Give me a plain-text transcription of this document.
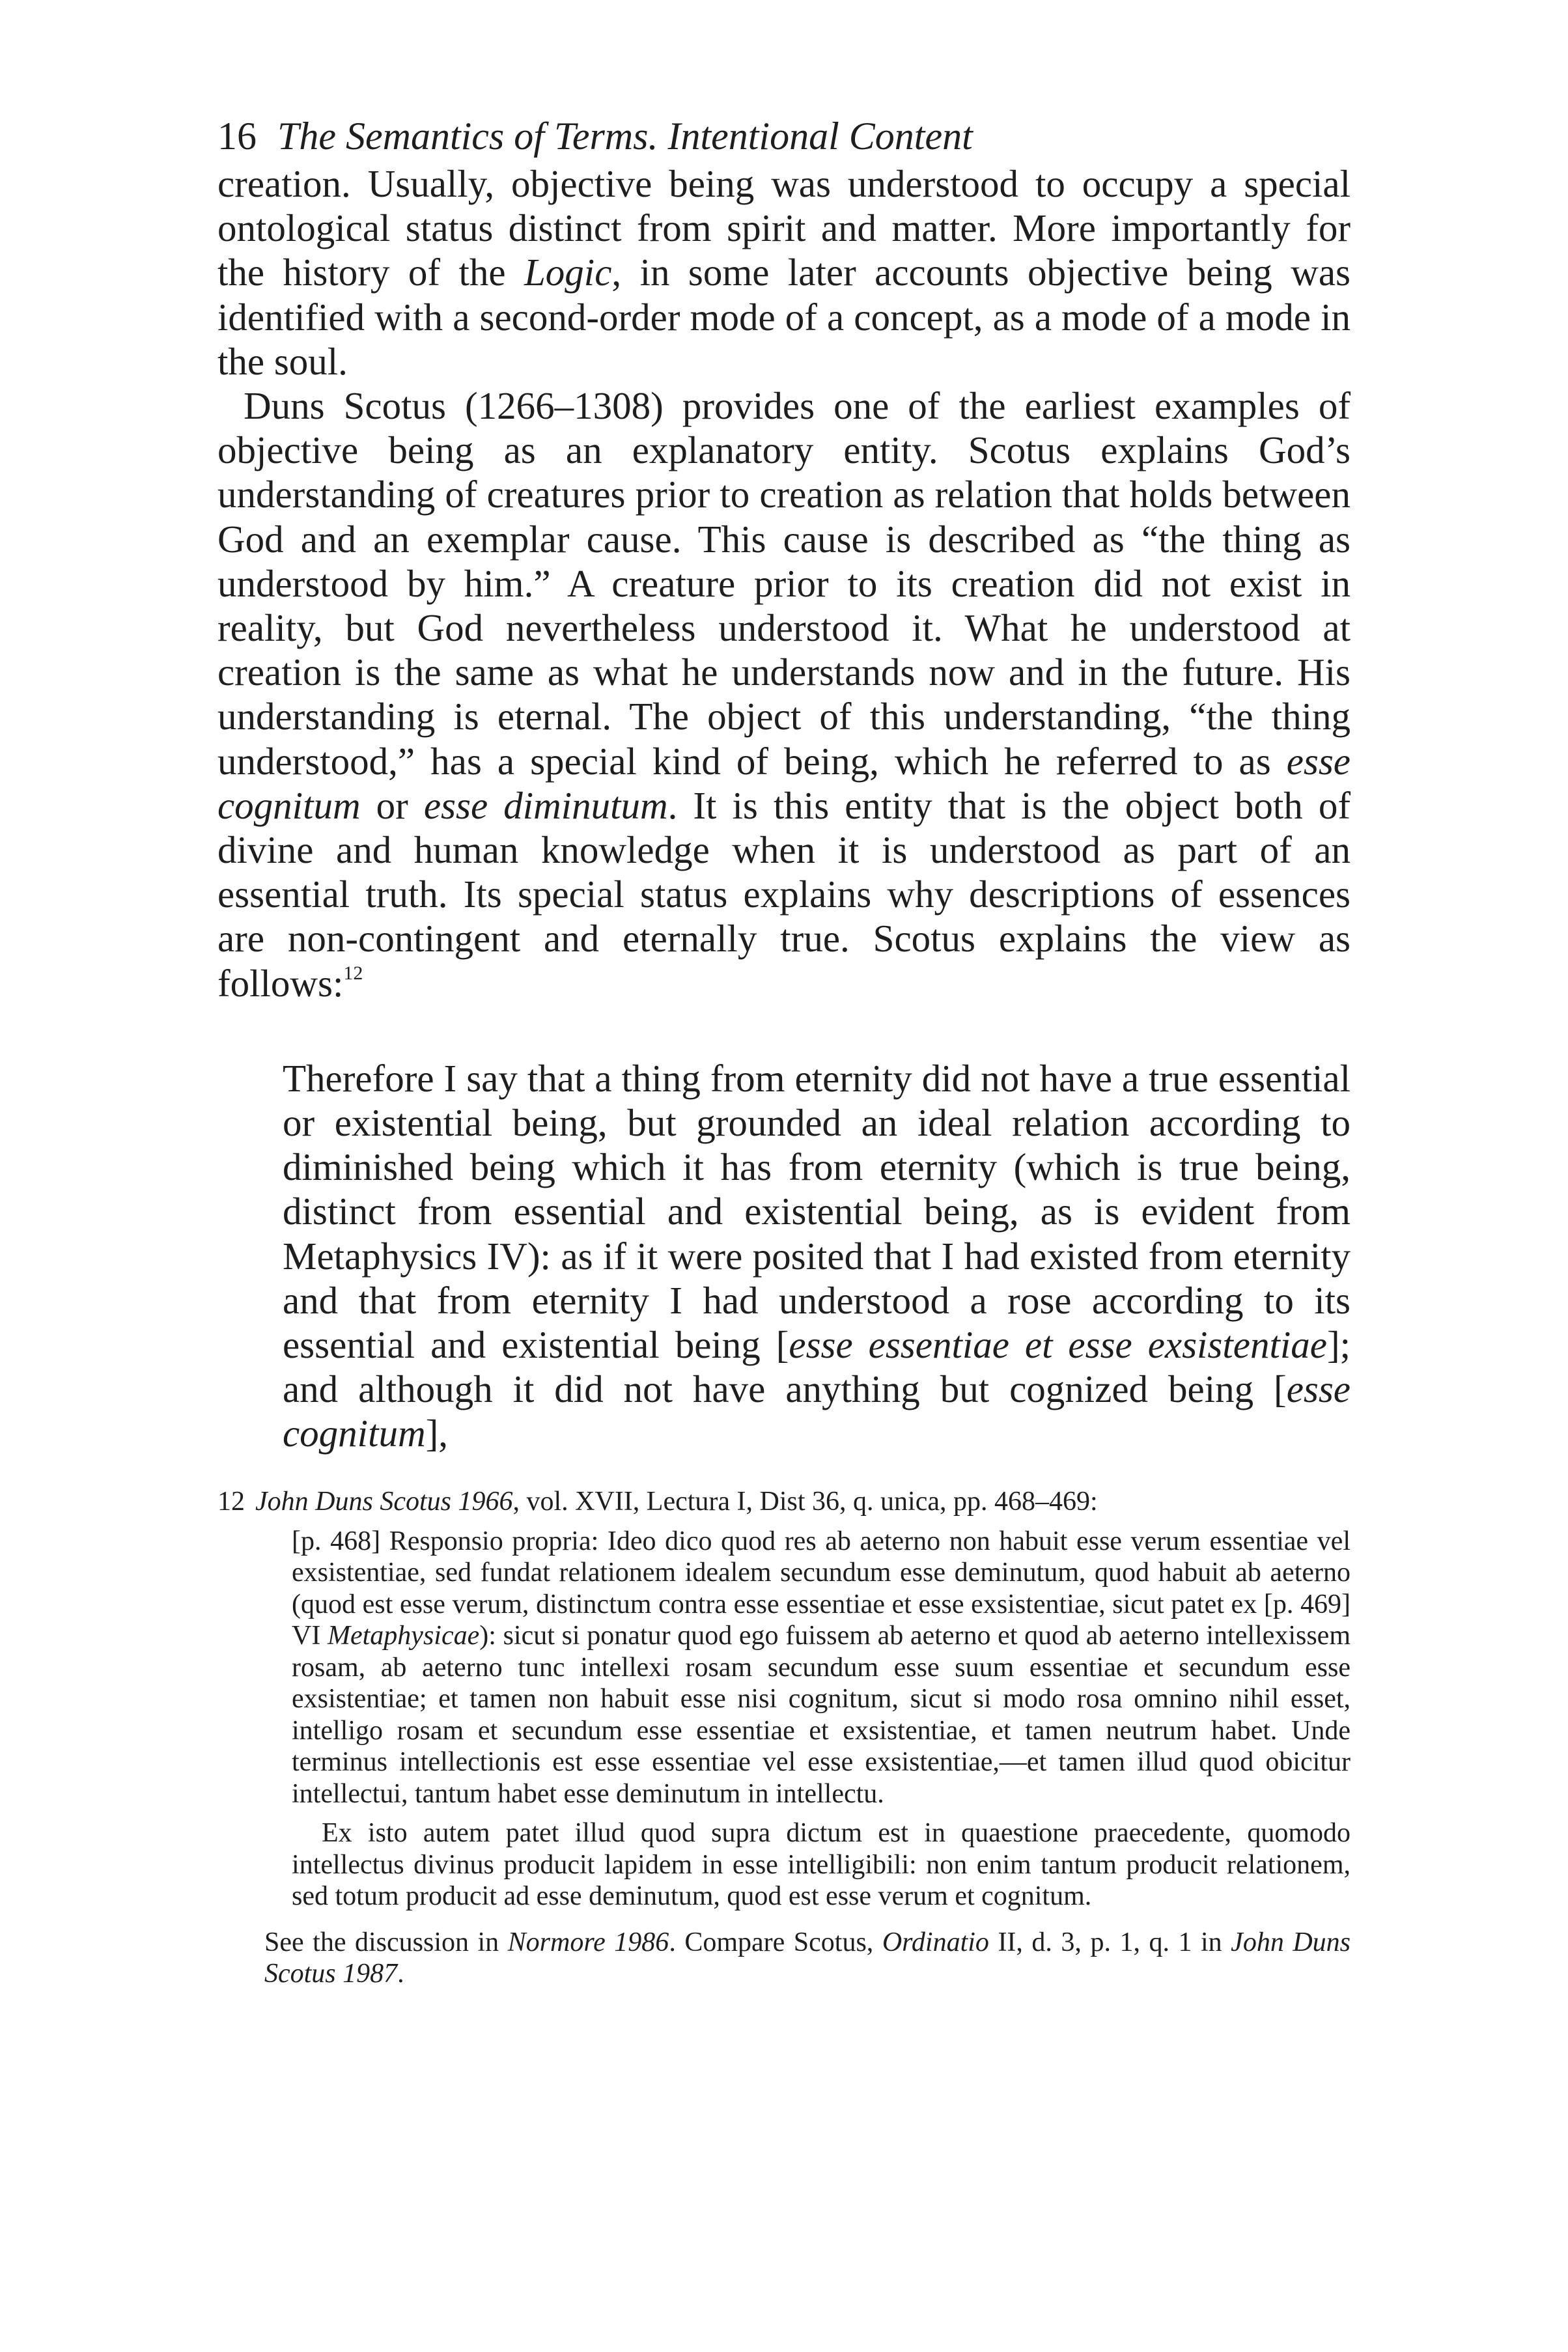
16 The Semantics of Terms. Intentional Content

creation. Usually, objective being was understood to occupy a special ontological status distinct from spirit and matter. More importantly for the history of the Logic, in some later accounts objective being was identified with a second-order mode of a concept, as a mode of a mode in the soul.

Duns Scotus (1266–1308) provides one of the earliest examples of objective being as an explanatory entity. Scotus explains God’s understanding of creatures prior to creation as relation that holds between God and an exemplar cause. This cause is described as “the thing as understood by him.” A creature prior to its creation did not exist in reality, but God nevertheless understood it. What he understood at creation is the same as what he understands now and in the future. His understanding is eternal. The object of this understanding, “the thing understood,” has a special kind of being, which he referred to as esse cognitum or esse diminutum. It is this entity that is the object both of divine and human knowledge when it is understood as part of an essential truth. Its special status explains why descriptions of essences are non-contingent and eternally true. Scotus explains the view as follows:$^{12}$

Therefore I say that a thing from eternity did not have a true essential or existential being, but grounded an ideal relation according to diminished being which it has from eternity (which is true being, distinct from essential and existential being, as is evident from Metaphysics IV): as if it were posited that I had existed from eternity and that from eternity I had understood a rose according to its essential and existential being [esse essentiae et esse exsistentiae]; and although it did not have anything but cognized being [esse cognitum],

12 John Duns Scotus 1966, vol. XVII, Lectura I, Dist 36, q. unica, pp. 468–469:

[p. 468] Responsio propria: Ideo dico quod res ab aeterno non habuit esse verum essentiae vel exsistentiae, sed fundat relationem idealem secundum esse deminutum, quod habuit ab aeterno (quod est esse verum, distinctum contra esse essentiae et esse exsistentiae, sicut patet ex [p. 469] VI Metaphysicae): sicut si ponatur quod ego fuissem ab aeterno et quod ab aeterno intellexissem rosam, ab aeterno tunc intellexi rosam secundum esse suum essentiae et secundum esse exsistentiae; et tamen non habuit esse nisi cognitum, sicut si modo rosa omnino nihil esset, intelligo rosam et secundum esse essentiae et exsistentiae, et tamen neutrum habet. Unde terminus intellectionis est esse essentiae vel esse exsistentiae,—et tamen illud quod obicitur intellectui, tantum habet esse deminutum in intellectu.

Ex isto autem patet illud quod supra dictum est in quaestione praecedente, quomodo intellectus divinus producit lapidem in esse intelligibili: non enim tantum producit relationem, sed totum producit ad esse deminutum, quod est esse verum et cognitum.

See the discussion in Normore 1986. Compare Scotus, Ordinatio II, d. 3, p. 1, q. 1 in John Duns Scotus 1987.
